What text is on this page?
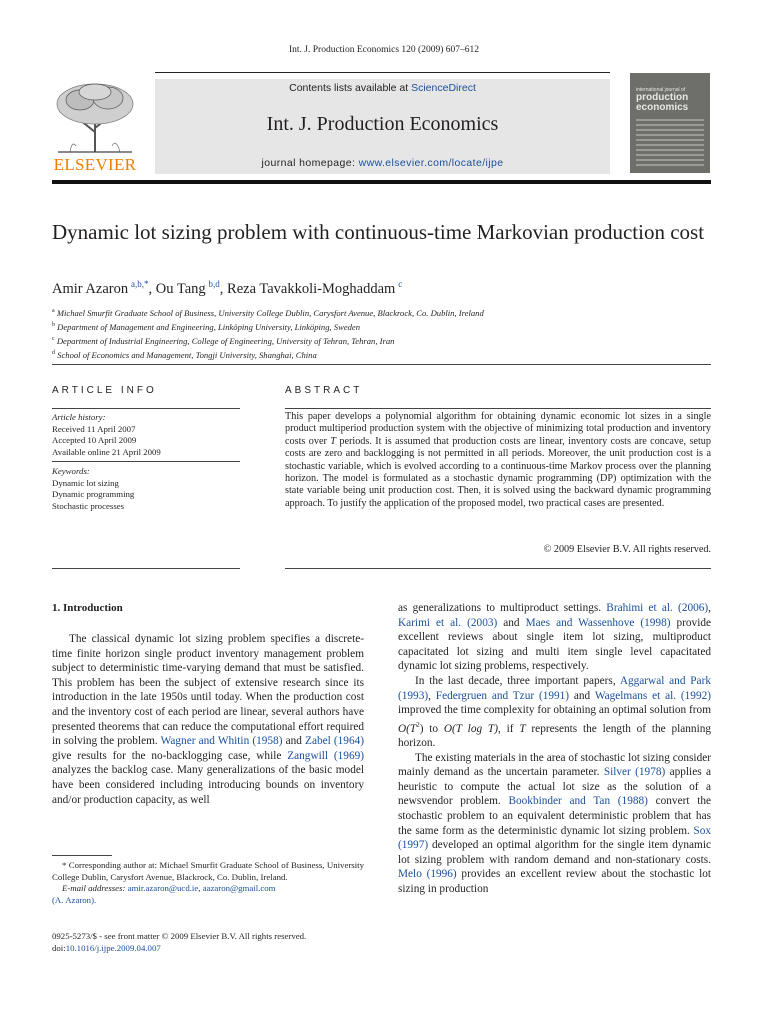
Int. J. Production Economics 120 (2009) 607–612
ELSEVIER
Contents lists available at ScienceDirect
Int. J. Production Economics
journal homepage: www.elsevier.com/locate/ijpe
international journal of
production
economics
Dynamic lot sizing problem with continuous-time Markovian production cost
Amir Azaron  $^{a,b,*}$, Ou Tang  $^{b,d}$, Reza Tavakkoli-Moghaddam  $^c$
$^a$ Michael Smurfit Graduate School of Business, University College Dublin, Carysfort Avenue, Blackrock, Co. Dublin, Ireland
$^b$ Department of Management and Engineering, Linköping University, Linköping, Sweden
$^c$ Department of Industrial Engineering, College of Engineering, University of Tehran, Tehran, Iran
$^d$ School of Economics and Management, Tongji University, Shanghai, China
ARTICLE INFO
Article history:
Received 11 April 2007
Accepted 10 April 2009
Available online 21 April 2009
Keywords:
Dynamic lot sizing
Dynamic programming
Stochastic processes
ABSTRACT
This paper develops a polynomial algorithm for obtaining dynamic economic lot sizes in a single product multiperiod production system with the objective of minimizing total production and inventory costs over T periods. It is assumed that production costs are linear, inventory costs are concave, setup costs are zero and backlogging is not permitted in all periods. Moreover, the unit production cost is a stochastic variable, which is evolved according to a continuous-time Markov process over the planning horizon. The model is formulated as a stochastic dynamic programming (DP) optimization with the state variable being unit production cost. Then, it is solved using the backward dynamic programming approach. To justify the application of the proposed model, two practical cases are presented.
© 2009 Elsevier B.V. All rights reserved.
1. Introduction

The classical dynamic lot sizing problem specifies a discrete-time finite horizon single product inventory management problem subject to deterministic time-varying demand that must be satisfied. This problem has been the subject of extensive research since its introduction in the late 1950s until today. When the production cost and the inventory cost of each period are linear, several authors have presented theorems that can reduce the computational effort required in solving the problem. Wagner and Whitin (1958) and Zabel (1964) give results for the no-backlogging case, while Zangwill (1969) analyzes the backlog case. Many generalizations of the basic model have been considered including introducing bounds on inventory and/or production capacity, as well

* Corresponding author at: Michael Smurfit Graduate School of Business, University College Dublin, Carysfort Avenue, Blackrock, Co. Dublin, Ireland.
E-mail addresses: amir.azaron@ucd.ie, aazaron@gmail.com
(A. Azaron).
0925-5273/$ - see front matter © 2009 Elsevier B.V. All rights reserved.
doi:10.1016/j.ijpe.2009.04.007

as generalizations to multiproduct settings. Brahimi et al. (2006), Karimi et al. (2003) and Maes and Wassenhove (1998) provide excellent reviews about single item lot sizing, multiproduct capacitated lot sizing and multi item single level capacitated dynamic lot sizing problems, respectively.

In the last decade, three important papers, Aggarwal and Park (1993), Federgruen and Tzur (1991) and Wagelmans et al. (1992) improved the time complexity for obtaining an optimal solution from $O(T^2)$ to O(T log T), if T represents the length of the planning horizon.

The existing materials in the area of stochastic lot sizing consider mainly demand as the uncertain parameter. Silver (1978) applies a heuristic to compute the actual lot size as the solution of a newsvendor problem. Bookbinder and Tan (1988) convert the stochastic problem to an equivalent deterministic problem that has the same form as the deterministic dynamic lot sizing problem. Sox (1997) developed an optimal algorithm for the single item dynamic lot sizing problem with random demand and non-stationary costs. Melo (1996) provides an excellent review about the stochastic lot sizing in production
